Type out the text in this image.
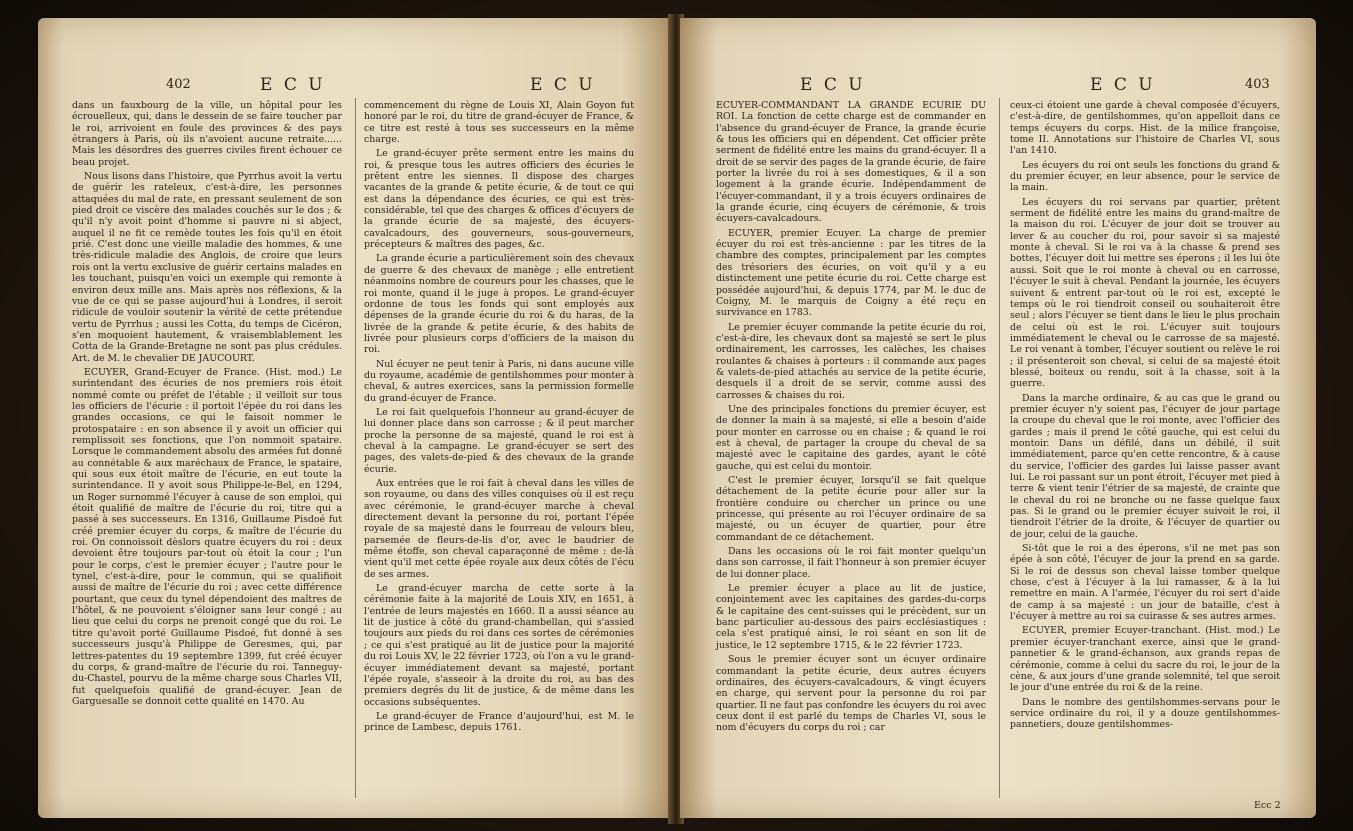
402	E C U	E C U

dans un fauxbourg de la ville, un hôpital pour les écrouelleux, qui, dans le dessein de se faire toucher par le roi, arrivoient en foule des provinces & des pays étrangers à Paris, où ils n'avoient aucune retraite...... Mais les désordres des guerres civiles firent échouer ce beau projet.

Nous lisons dans l'histoire, que Pyrrhus avoit la vertu de guérir les rateleux, c'est-à-dire, les personnes attaquées du mal de rate, en pressant seulement de son pied droit ce viscère des malades couchés sur le dos ; & qu'il n'y avoit point d'homme si pauvre ni si abject, auquel il ne fit ce remède toutes les fois qu'il en étoit prié. C'est donc une vieille maladie des hommes, & une très-ridicule maladie des Anglois, de croire que leurs rois ont la vertu exclusive de guérir certains malades en les touchant, puisqu'en voici un exemple qui remonte à environ deux mille ans. Mais après nos réflexions, & la vue de ce qui se passe aujourd'hui à Londres, il seroit ridicule de vouloir soutenir la vérité de cette prétendue vertu de Pyrrhus ; aussi les Cotta, du temps de Cicéron, s'en moquoient hautement, & vraisemblablement les Cotta de la Grande-Bretagne ne sont pas plus crédules. Art. de M. le chevalier DE JAUCOURT.

ECUYER, Grand-Ecuyer de France. (Hist. mod.) Le surintendant des écuries de nos premiers rois étoit nommé comte ou préfet de l'étable ; il veilloit sur tous les officiers de l'écurie : il portoit l'épée du roi dans les grandes occasions, ce qui le faisoit nommer le protospataire : en son absence il y avoit un officier qui remplissoit ses fonctions, que l'on nommoit spataire. Lorsque le commandement absolu des armées fut donné au connétable & aux maréchaux de France, le spataire, qui sous eux étoit maître de l'écurie, en eut toute la surintendance. Il y avoit sous Philippe-le-Bel, en 1294, un Roger surnommé l'écuyer à cause de son emploi, qui étoit qualifié de maître de l'écurie du roi, titre qui a passé à ses successeurs. En 1316, Guillaume Pisdoé fut créé premier écuyer du corps, & maître de l'écurie du roi. On connoissoit dèslors quatre écuyers du roi : deux devoient être toujours par-tout où étoit la cour ; l'un pour le corps, c'est le premier écuyer ; l'autre pour le tynel, c'est-à-dire, pour le commun, qui se qualifioit aussi de maître de l'écurie du roi ; avec cette différence pourtant, que ceux du tynel dépendoient des maîtres de l'hôtel, & ne pouvoient s'éloigner sans leur congé ; au lieu que celui du corps ne prenoit congé que du roi. Le titre qu'avoit porté Guillaume Pisdoé, fut donné à ses successeurs jusqu'à Philippe de Geresmes, qui, par lettres-patentes du 19 septembre 1399, fut créé écuyer du corps, & grand-maître de l'écurie du roi. Tanneguy-du-Chastel, pourvu de la même charge sous Charles VII, fut quelquefois qualifié de grand-écuyer. Jean de Garguesalle se donnoit cette qualité en 1470. Au

commencement du règne de Louis XI, Alain Goyon fut honoré par le roi, du titre de grand-écuyer de France, & ce titre est resté à tous ses successeurs en la même charge.

Le grand-écuyer prête serment entre les mains du roi, & presque tous les autres officiers des écuries le prêtent entre les siennes. Il dispose des charges vacantes de la grande & petite écurie, & de tout ce qui est dans la dépendance des écuries, ce qui est très-considérable, tel que des charges & offices d'écuyers de la grande écurie de sa majesté, des écuyers-cavalcadours, des gouverneurs, sous-gouverneurs, précepteurs & maîtres des pages, &c.

La grande écurie a particulièrement soin des chevaux de guerre & des chevaux de manège ; elle entretient néanmoins nombre de coureurs pour les chasses, que le roi monte, quand il le juge à propos. Le grand-écuyer ordonne de tous les fonds qui sont employés aux dépenses de la grande écurie du roi & du haras, de la livrée de la grande & petite écurie, & des habits de livrée pour plusieurs corps d'officiers de la maison du roi.

Nul écuyer ne peut tenir à Paris, ni dans aucune ville du royaume, académie de gentilshommes pour monter à cheval, & autres exercices, sans la permission formelle du grand-écuyer de France.

Le roi fait quelquefois l'honneur au grand-écuyer de lui donner place dans son carrosse ; & il peut marcher proche la personne de sa majesté, quand le roi est à cheval à la campagne. Le grand-écuyer se sert des pages, des valets-de-pied & des chevaux de la grande écurie.

Aux entrées que le roi fait à cheval dans les villes de son royaume, ou dans des villes conquises où il est reçu avec cérémonie, le grand-écuyer marche à cheval directement devant la personne du roi, portant l'épée royale de sa majesté dans le fourreau de velours bleu, parsemée de fleurs-de-lis d'or, avec le baudrier de même étoffe, son cheval caparaçonné de même : de-là vient qu'il met cette épée royale aux deux côtés de l'écu de ses armes.

Le grand-écuyer marcha de cette sorte à la cérémonie faite à la majorité de Louis XIV, en 1651, à l'entrée de leurs majestés en 1660. Il a aussi séance au lit de justice à côté du grand-chambellan, qui s'assied toujours aux pieds du roi dans ces sortes de cérémonies ; ce qui s'est pratiqué au lit de justice pour la majorité du roi Louis XV, le 22 février 1723, où l'on a vu le grand-écuyer immédiatement devant sa majesté, portant l'épée royale, s'asseoir à la droite du roi, au bas des premiers degrés du lit de justice, & de même dans les occasions subséquentes.

Le grand-écuyer de France d'aujourd'hui, est M. le prince de Lambesc, depuis 1761.

E C U	E C U	403

ECUYER-COMMANDANT LA GRANDE ECURIE DU ROI. La fonction de cette charge est de commander en l'absence du grand-écuyer de France, la grande écurie & tous les officiers qui en dépendent. Cet officier prête serment de fidélité entre les mains du grand-écuyer. Il a droit de se servir des pages de la grande écurie, de faire porter la livrée du roi à ses domestiques, & il a son logement à la grande écurie. Indépendamment de l'écuyer-commandant, il y a trois écuyers ordinaires de la grande écurie, cinq écuyers de cérémonie, & trois écuyers-cavalcadours.

ECUYER, premier Ecuyer. La charge de premier écuyer du roi est très-ancienne : par les titres de la chambre des comptes, principalement par les comptes des trésoriers des écuries, on voit qu'il y a eu distinctement une petite écurie du roi. Cette charge est possédée aujourd'hui, & depuis 1774, par M. le duc de Coigny, M. le marquis de Coigny a été reçu en survivance en 1783.

Le premier écuyer commande la petite écurie du roi, c'est-à-dire, les chevaux dont sa majesté se sert le plus ordinairement, les carrosses, les calèches, les chaises roulantes & chaises à porteurs : il commande aux pages & valets-de-pied attachés au service de la petite écurie, desquels il a droit de se servir, comme aussi des carrosses & chaises du roi.

Une des principales fonctions du premier écuyer, est de donner la main à sa majesté, si elle a besoin d'aide pour monter en carrosse ou en chaise ; & quand le roi est à cheval, de partager la croupe du cheval de sa majesté avec le capitaine des gardes, ayant le côté gauche, qui est celui du montoir.

C'est le premier écuyer, lorsqu'il se fait quelque détachement de la petite écurie pour aller sur la frontière conduire ou chercher un prince ou une princesse, qui présente au roi l'écuyer ordinaire de sa majesté, ou un écuyer de quartier, pour être commandant de ce détachement.

Dans les occasions où le roi fait monter quelqu'un dans son carrosse, il fait l'honneur à son premier écuyer de lui donner place.

Le premier écuyer a place au lit de justice, conjointement avec les capitaines des gardes-du-corps & le capitaine des cent-suisses qui le précèdent, sur un banc particulier au-dessous des pairs ecclésiastiques : cela s'est pratiqué ainsi, le roi séant en son lit de justice, le 12 septembre 1715, & le 22 février 1723.

Sous le premier écuyer sont un écuyer ordinaire commandant la petite écurie, deux autres écuyers ordinaires, des écuyers-cavalcadours, & vingt écuyers en charge, qui servent pour la personne du roi par quartier. Il ne faut pas confondre les écuyers du roi avec ceux dont il est parlé du temps de Charles VI, sous le nom d'écuyers du corps du roi ; car

ceux-ci étoient une garde à cheval composée d'écuyers, c'est-à-dire, de gentilshommes, qu'on appelloit dans ce temps écuyers du corps. Hist. de la milice françoise, tome II. Annotations sur l'histoire de Charles VI, sous l'an 1410.

Les écuyers du roi ont seuls les fonctions du grand & du premier écuyer, en leur absence, pour le service de la main.

Les écuyers du roi servans par quartier, prêtent serment de fidélité entre les mains du grand-maître de la maison du roi. L'écuyer de jour doit se trouver au lever & au coucher du roi, pour savoir si sa majesté monte à cheval. Si le roi va à la chasse & prend ses bottes, l'écuyer doit lui mettre ses éperons ; il les lui ôte aussi. Soit que le roi monte à cheval ou en carrosse, l'écuyer le suit à cheval. Pendant la journée, les écuyers suivent & entrent par-tout où le roi est, excepté le temps où le roi tiendroit conseil ou souhaiteroit être seul ; alors l'écuyer se tient dans le lieu le plus prochain de celui où est le roi. L'écuyer suit toujours immédiatement le cheval ou le carrosse de sa majesté. Le roi venant à tomber, l'écuyer soutient ou relève le roi ; il présenteroit son cheval, si celui de sa majesté étoit blessé, boiteux ou rendu, soit à la chasse, soit à la guerre.

Dans la marche ordinaire, & au cas que le grand ou premier écuyer n'y soient pas, l'écuyer de jour partage la croupe du cheval que le roi monte, avec l'officier des gardes ; mais il prend le côté gauche, qui est celui du montoir. Dans un défilé, dans un débilé, il suit immédiatement, parce qu'en cette rencontre, & à cause du service, l'officier des gardes lui laisse passer avant lui. Le roi passant sur un pont étroit, l'écuyer met pied à terre & vient tenir l'étrier de sa majesté, de crainte que le cheval du roi ne bronche ou ne fasse quelque faux pas. Si le grand ou le premier écuyer suivoit le roi, il tiendroit l'étrier de la droite, & l'écuyer de quartier ou de jour, celui de la gauche.

Si-tôt que le roi a des éperons, s'il ne met pas son épée à son côté, l'écuyer de jour la prend en sa garde. Si le roi de dessus son cheval laisse tomber quelque chose, c'est à l'écuyer à la lui ramasser, & à la lui remettre en main. A l'armée, l'écuyer du roi sert d'aide de camp à sa majesté : un jour de bataille, c'est à l'écuyer à mettre au roi sa cuirasse & ses autres armes.

ECUYER, premier Ecuyer-tranchant. (Hist. mod.) Le premier écuyer-tranchant exerce, ainsi que le grand-pannetier & le grand-échanson, aux grands repas de cérémonie, comme à celui du sacre du roi, le jour de la cène, & aux jours d'une grande solemnité, tel que seroit le jour d'une entrée du roi & de la reine.

Dans le nombre des gentilshommes-servans pour le service ordinaire du roi, il y a douze gentilshommes-pannetiers, douze gentilshommes-

Ecc 2
